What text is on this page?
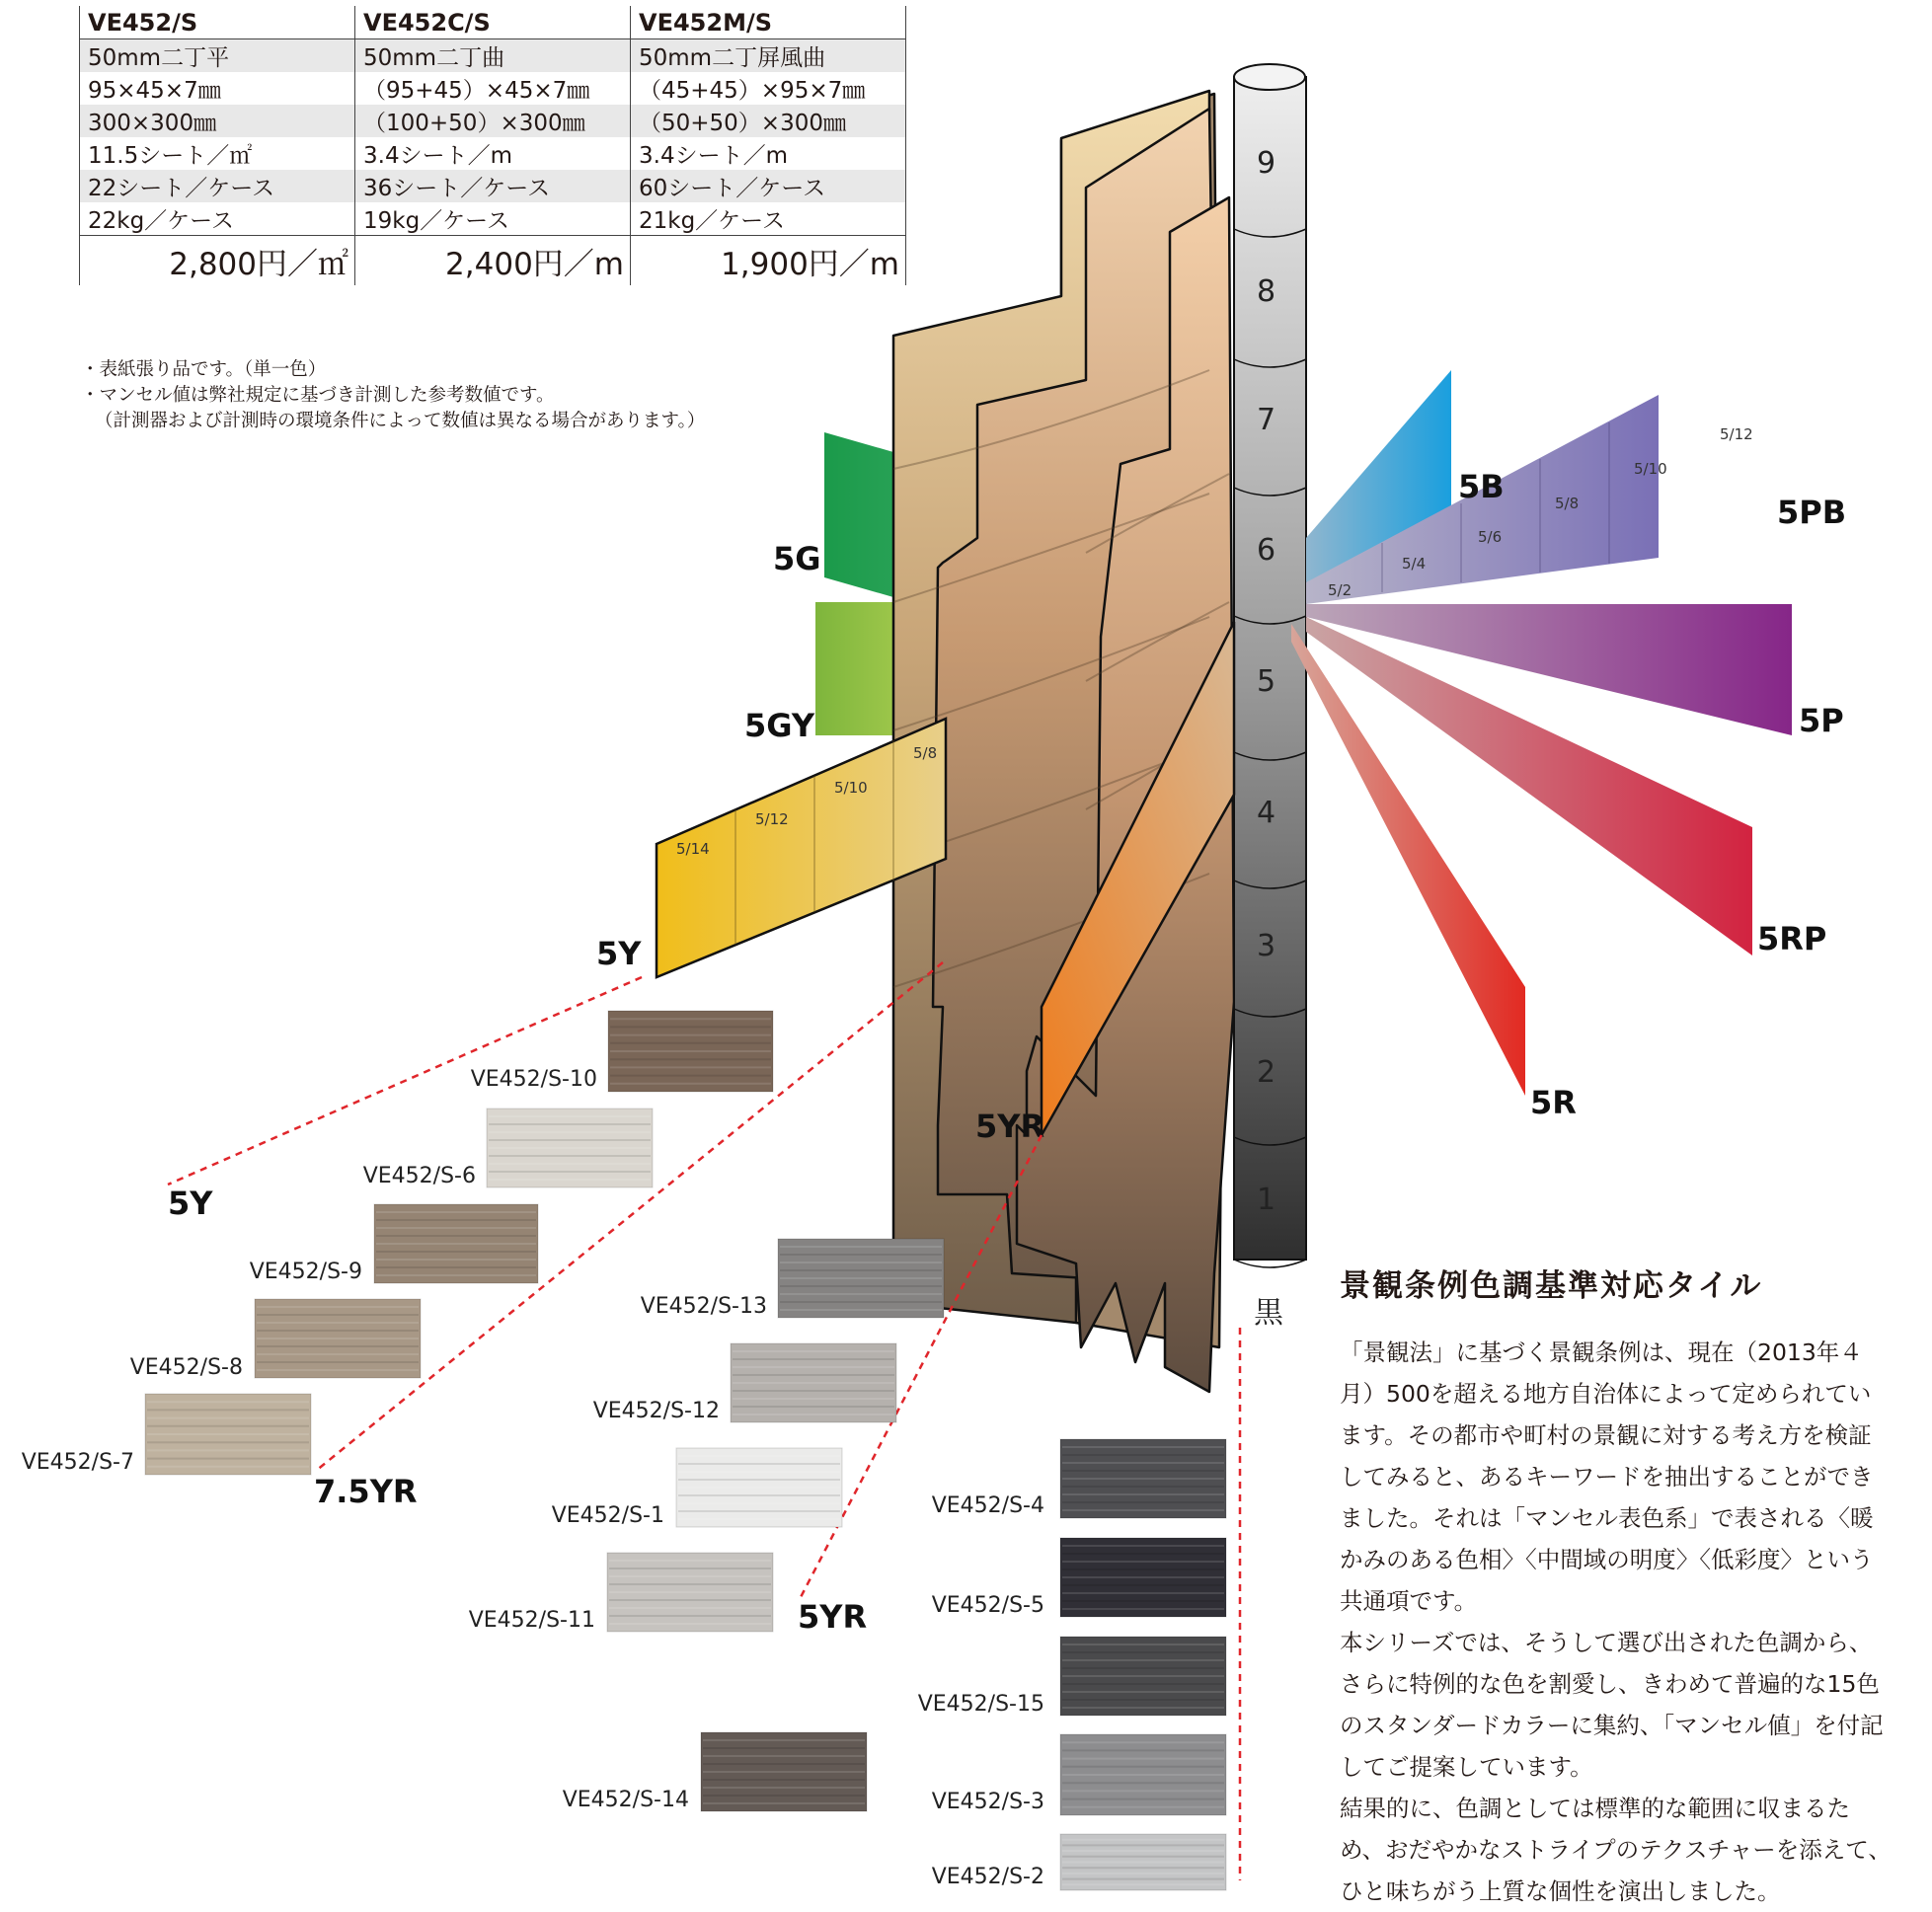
VE452/S	VE452C/S	VE452M/S
50mm二丁平	50mm二丁曲	50mm二丁屏風曲
95×45×7㎜	（95+45）×45×7㎜	（45+45）×95×7㎜
300×300㎜	（100+50）×300㎜	（50+50）×300㎜
11.5シート／㎡	3.4シート／m	3.4シート／m
22シート／ケース	36シート／ケース	60シート／ケース
22kg／ケース	19kg／ケース	21kg／ケース
2,800円／㎡	2,400円／m	1,900円／m
・表紙張り品です。（単一色）
・マンセル値は弊社規定に基づき計測した参考数値です。
（計測器および計測時の環境条件によって数値は異なる場合があります。）
9
8
7
6
5
4
3
2
1
黒
5/2
5/4
5/6
5/8
5/10
5/12
5/14
5/12
5/10
5/8
5G
5GY
5Y
5B
5PB
5P
5RP
5R
5YR
5Y
7.5YR
5YR
VE452/S-10
VE452/S-6
VE452/S-9
VE452/S-8
VE452/S-7
VE452/S-13
VE452/S-12
VE452/S-1
VE452/S-11
VE452/S-14
VE452/S-4
VE452/S-5
VE452/S-15
VE452/S-3
VE452/S-2
景観条例色調基準対応タイル

「景観法」に基づく景観条例は、現在（2013年４月）500を超える地方自治体によって定められています。その都市や町村の景観に対する考え方を検証してみると、あるキーワードを抽出することができました。それは「マンセル表色系」で表される〈暖かみのある色相〉〈中間域の明度〉〈低彩度〉という共通項です。

本シリーズでは、そうして選び出された色調から、さらに特例的な色を割愛し、きわめて普遍的な15色のスタンダードカラーに集約、「マンセル値」を付記してご提案しています。

結果的に、色調としては標準的な範囲に収まるため、おだやかなストライプのテクスチャーを添えて、ひと味ちがう上質な個性を演出しました。
